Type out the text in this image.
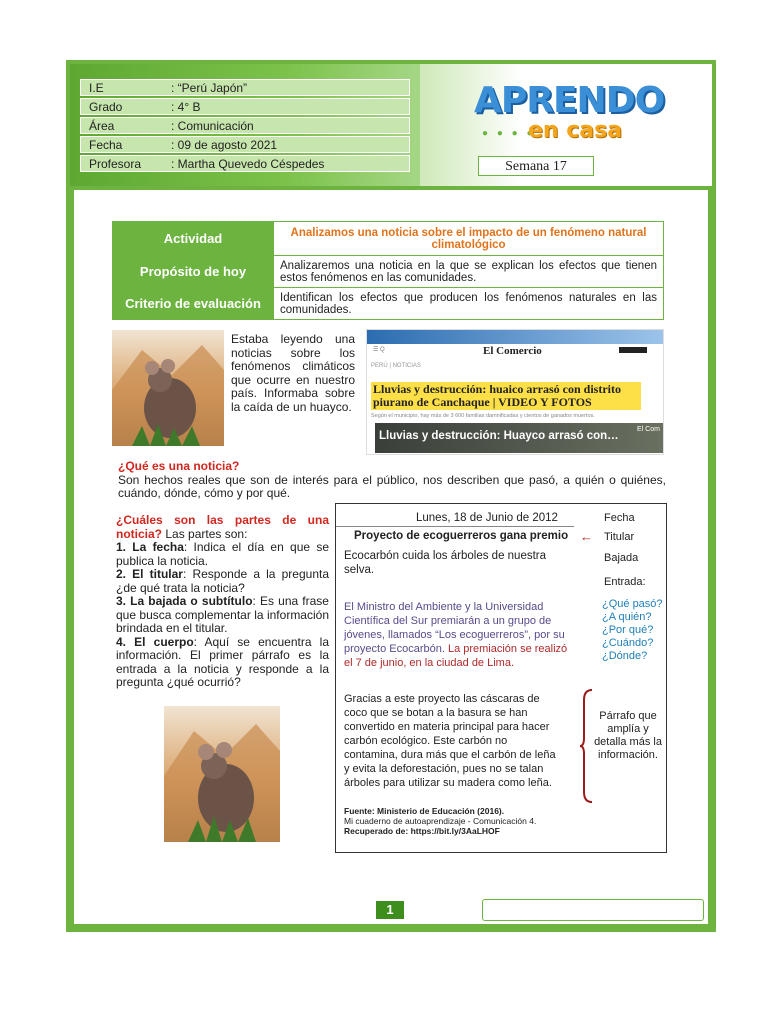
I.E	: “Perú Japón”
Grado	: 4° B
Área	: Comunicación
Fecha	: 09 de agosto 2021
Profesora : Martha Quevedo Céspedes
APRENDO
● ● ● ●
en casa
Semana 17
Actividad	Analizamos una noticia sobre el impacto de un fenómeno natural climatológico
Propósito de hoy	Analizaremos una noticia en la que se explican los efectos que tienen estos fenómenos en las comunidades.
Criterio de evaluación	Identifican los efectos que producen los fenómenos naturales en las comunidades.
Estaba leyendo una noticias sobre los fenómenos climáticos que ocurre en nuestro país. Informaba sobre la caída de un huayco.
☰ Q	El Comercio
PERÚ | NOTICIAS
Lluvias y destrucción: huaico arrasó con distrito piurano de Canchaque | VIDEO Y FOTOS
Según el municipio, hay más de 3 600 familias damnificadas y cientos de ganados muertos.
Lluvias y destrucción: Huayco arrasó con…
El Com
¿Qué es una noticia?
Son hechos reales que son de interés para el público, nos describen que pasó, a quién o quiénes, cuándo, dónde, cómo y por qué.
¿Cuáles son las partes de una noticia? Las partes son:
1. La fecha: Indica el día en que se publica la noticia.
2. El titular: Responde a la pregunta ¿de qué trata la noticia?
3. La bajada o subtítulo: Es una frase que busca complementar la información brindada en el titular.
4. El cuerpo: Aquí se encuentra la información. El primer párrafo es la entrada a la noticia y responde a la pregunta ¿qué ocurrió?
Lunes, 18 de Junio de 2012
Proyecto de ecoguerreros gana premio
Ecocarbón cuida los árboles de nuestra selva.
El Ministro del Ambiente y la Universidad Científica del Sur premiarán a un grupo de jóvenes, llamados “Los ecoguerreros”, por su proyecto Ecocarbón. La premiación se realizó el 7 de junio, en la ciudad de Lima.
Gracias a este proyecto las cáscaras de coco que se botan a la basura se han convertido en materia principal para hacer carbón ecológico. Este carbón no contamina, dura más que el carbón de leña y evita la deforestación, pues no se talan árboles para utilizar su madera como leña.
Fuente: Ministerio de Educación (2016).
Mi cuaderno de autoaprendizaje - Comunicación 4.
Recuperado de: https://bit.ly/3AaLHOF
Fecha
← Titular
Bajada
Entrada:
¿Qué pasó?
¿A quién?
¿Por qué?
¿Cuándo?
¿Dónde?
Párrafo que amplía y detalla más la información.
1
